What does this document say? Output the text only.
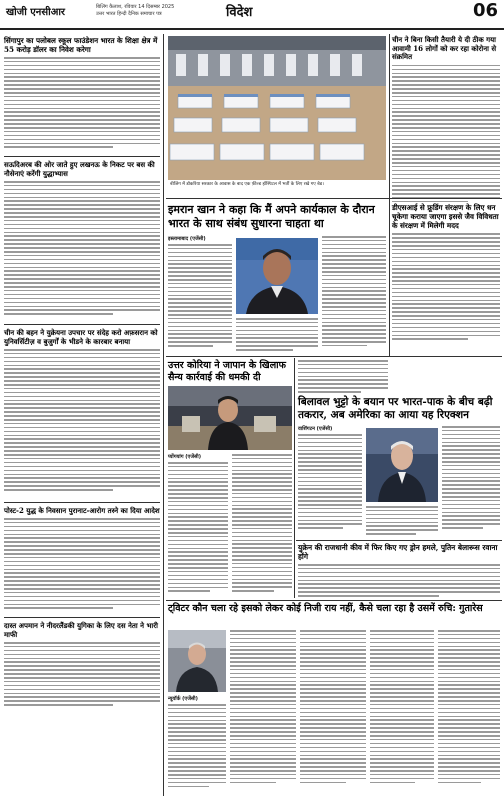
खोजी एनसीआर	बिलिंग कैलाश, रविवार 14 दिसम्बर 2025
उत्तर भारत हिन्दी दैनिक समाचार पत्र	विदेश	06
सिंगापुर का पलोबल स्कूल फाउंडेशन भारत के शिक्षा क्षेत्र में 55 करोड़ डॉलर का निवेश करेगा
सऊदिअरब की ओर जाते हुए लखनऊ के निकट पर बस की नौसेनाएं करेंगी युद्धाभ्यास
चीन की बहन ने युक्रेयना उपचार पर संदेह करो अफ़सरान को युनिवर्सिटीज़ व बुजुर्गों के भीडने के कारबार बनाया
पोस्ट-2 युद्ध के निवसान पुरानाट-आरोग तस्ने का दिया आदेश
दास्त अपमान ने नीदरलैंडकी युगिका के लिए दस नेता ने भारी माफी
बीजिंग में डोकरिया सरकार के आवास के बाद एक फ़ील्ड हॉस्पिटल में भर्ती के लिए रखे गए बेड।
चीन ने बिना किसी तैयारी ये दी ठीक गया आवामी 16 लोगों को कर रहा कोरोना से संक्रमित
इमरान खान ने कहा कि मैं अपने कार्यकाल के दौरान भारत के साथ संबंध सुधारना चाहता था
इस्लामाबाद (एजेंसी)
डीएसआई से फ्रूडिंग संरक्षण के लिए धन चूकेगा कराया जाएगा इससे जैव विविधता के संरक्षण में मिलेगी मदद
उत्तर कोरिया ने जापान के खिलाफ सैन्य कार्रवाई की धमकी दी
प्योंगयांग (एजेंसी)
बिलावल भुट्टो के बयान पर भारत-पाक के बीच बढ़ी तकरार, अब अमेरिका का आया यह रिएक्शन
वाशिंगटन (एजेंसी)
युक्रेन की राजधानी कीव में फिर किए गए ड्रोन हमले, पुतिन बेलारूस रवाना होंगे
ट्विटर कौन चला रहे इसको लेकर कोई निजी राय नहीं, कैसे चला रहा है उसमें रुचि: गुतारेस
न्यूयॉर्क (एजेंसी)
